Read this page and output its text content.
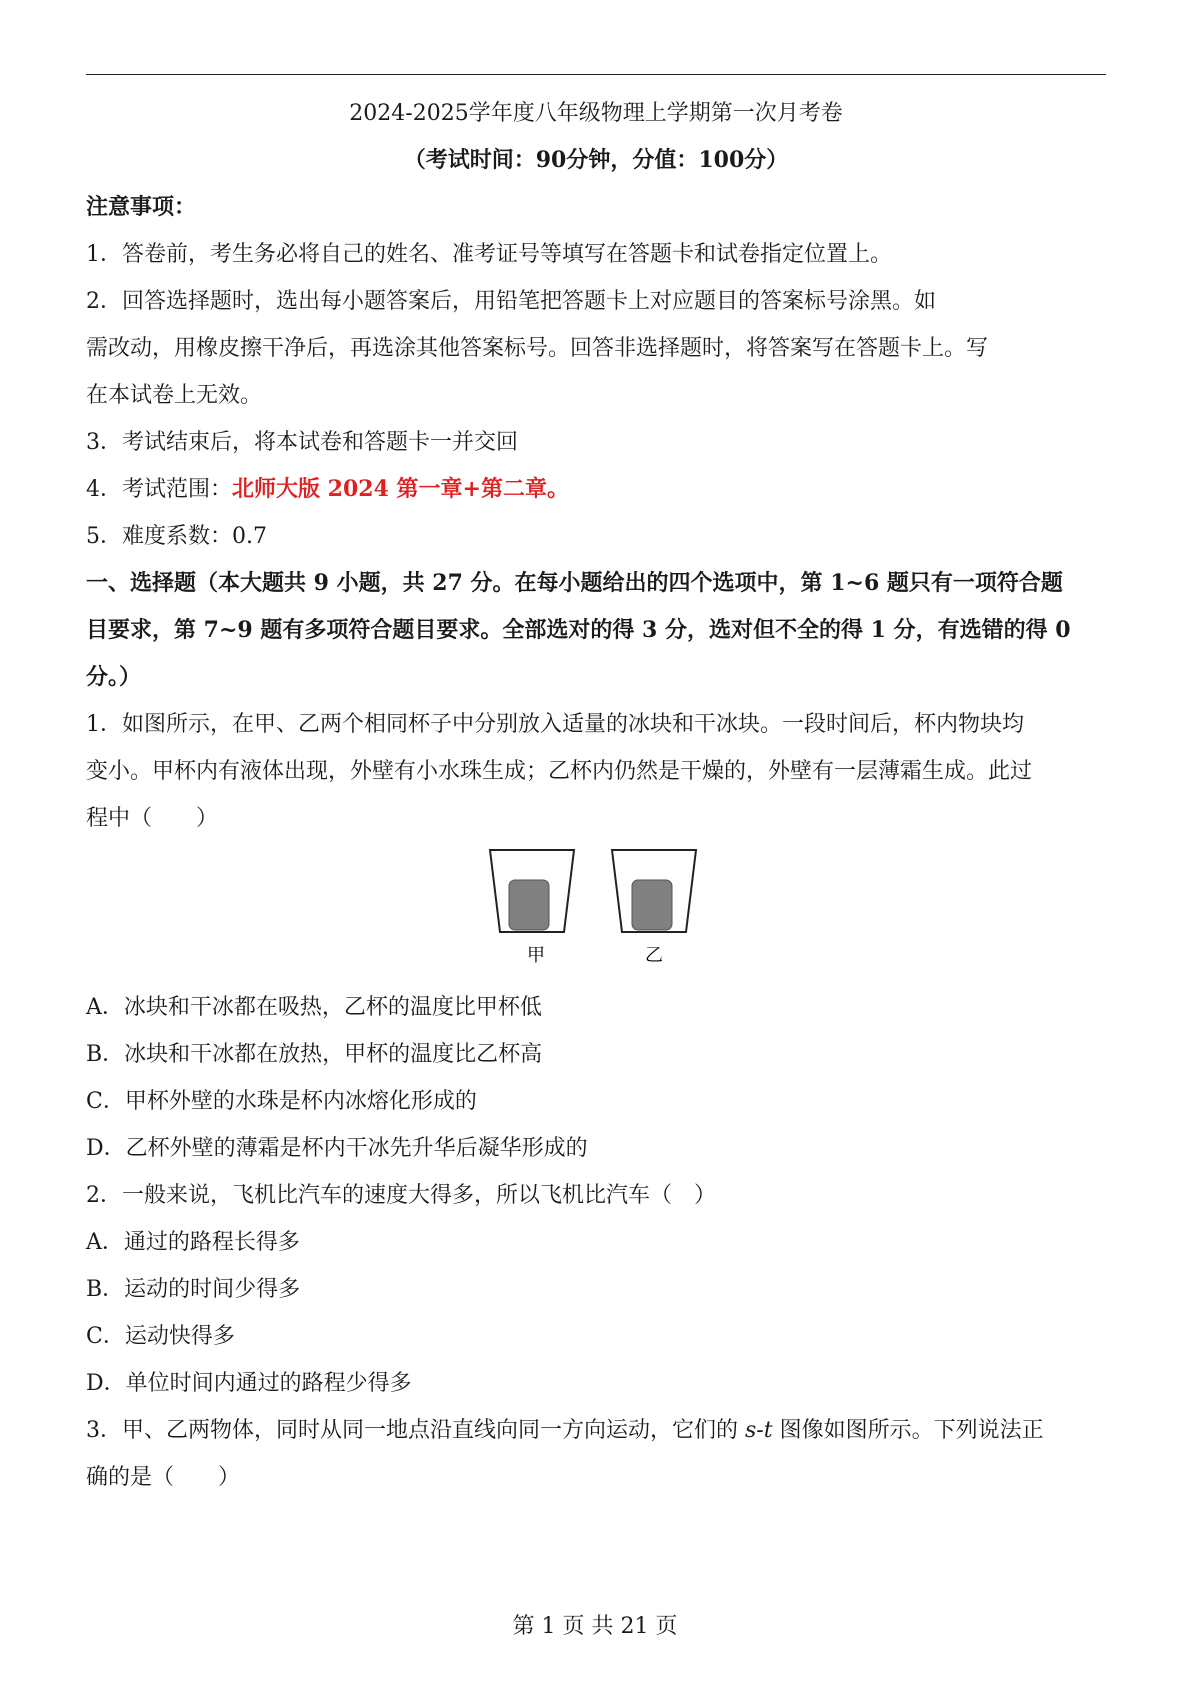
2024-2025学年度八年级物理上学期第一次月考卷
（考试时间：90分钟，分值：100分）
注意事项：
1．答卷前，考生务必将自己的姓名、准考证号等填写在答题卡和试卷指定位置上。
2．回答选择题时，选出每小题答案后，用铅笔把答题卡上对应题目的答案标号涂黑。如
需改动，用橡皮擦干净后，再选涂其他答案标号。回答非选择题时，将答案写在答题卡上。写
在本试卷上无效。
3．考试结束后，将本试卷和答题卡一并交回
4．考试范围：北师大版 2024 第一章+第二章。
5．难度系数：0.7
一、选择题（本大题共 9 小题，共 27 分。在每小题给出的四个选项中，第 1~6 题只有一项符合题
目要求，第 7~9 题有多项符合题目要求。全部选对的得 3 分，选对但不全的得 1 分，有选错的得 0
分。）
1．如图所示，在甲、乙两个相同杯子中分别放入适量的冰块和干冰块。一段时间后，杯内物块均
变小。甲杯内有液体出现，外壁有小水珠生成；乙杯内仍然是干燥的，外壁有一层薄霜生成。此过
程中（　　）
甲	乙
A．冰块和干冰都在吸热，乙杯的温度比甲杯低
B．冰块和干冰都在放热，甲杯的温度比乙杯高
C．甲杯外壁的水珠是杯内冰熔化形成的
D．乙杯外壁的薄霜是杯内干冰先升华后凝华形成的
2．一般来说，飞机比汽车的速度大得多，所以飞机比汽车（　）
A．通过的路程长得多
B．运动的时间少得多
C．运动快得多
D．单位时间内通过的路程少得多
3．甲、乙两物体，同时从同一地点沿直线向同一方向运动，它们的 s-t 图像如图所示。下列说法正
确的是（　　）
第 1 页 共 21 页
